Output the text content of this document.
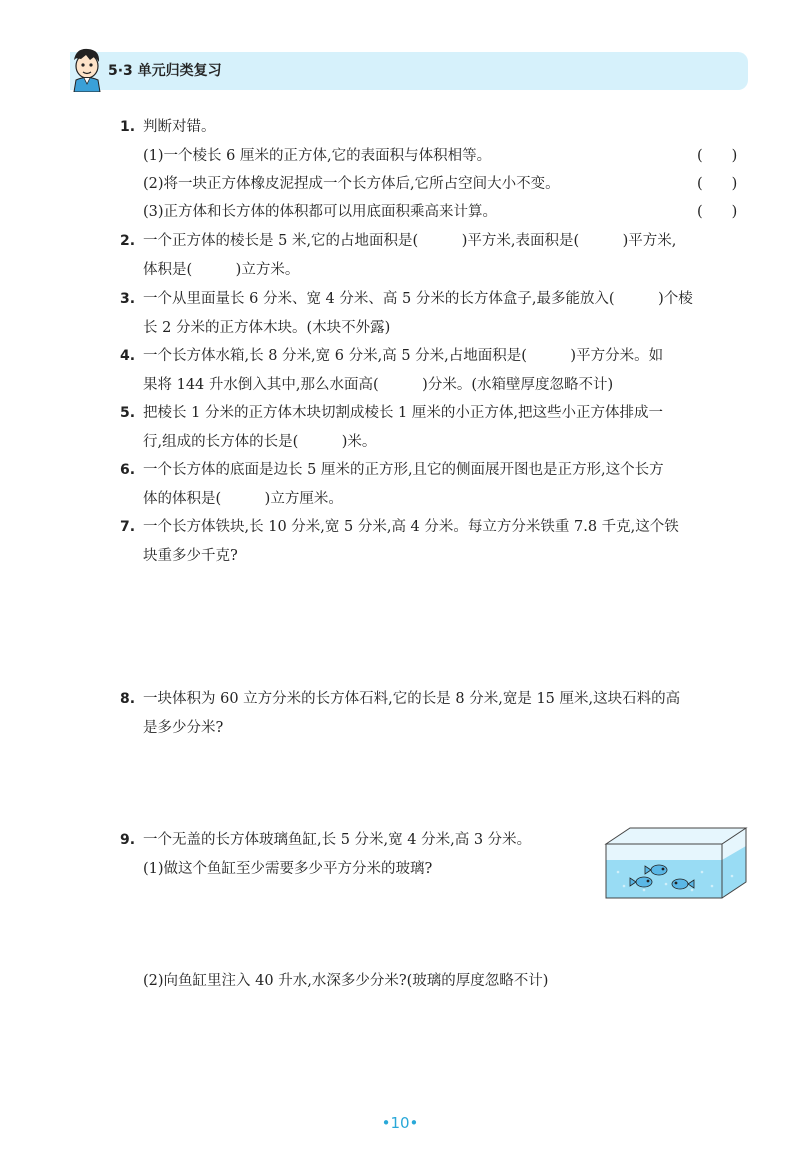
5·3 单元归类复习
1. 判断对错。
(1)一个棱长 6 厘米的正方体,它的表面积与体积相等。	(　　)
(2)将一块正方体橡皮泥捏成一个长方体后,它所占空间大小不变。	(　　)
(3)正方体和长方体的体积都可以用底面积乘高来计算。	(　　)
2. 一个正方体的棱长是 5 米,它的占地面积是(　　　)平方米,表面积是(　　　)平方米,
体积是(　　　)立方米。
3. 一个从里面量长 6 分米、宽 4 分米、高 5 分米的长方体盒子,最多能放入(　　　)个棱
长 2 分米的正方体木块。(木块不外露)
4. 一个长方体水箱,长 8 分米,宽 6 分米,高 5 分米,占地面积是(　　　)平方分米。如
果将 144 升水倒入其中,那么水面高(　　　)分米。(水箱壁厚度忽略不计)
5. 把棱长 1 分米的正方体木块切割成棱长 1 厘米的小正方体,把这些小正方体排成一
行,组成的长方体的长是(　　　)米。
6. 一个长方体的底面是边长 5 厘米的正方形,且它的侧面展开图也是正方形,这个长方
体的体积是(　　　)立方厘米。
7. 一个长方体铁块,长 10 分米,宽 5 分米,高 4 分米。每立方分米铁重 7.8 千克,这个铁
块重多少千克?
8. 一块体积为 60 立方分米的长方体石料,它的长是 8 分米,宽是 15 厘米,这块石料的高
是多少分米?
9. 一个无盖的长方体玻璃鱼缸,长 5 分米,宽 4 分米,高 3 分米。
(1)做这个鱼缸至少需要多少平方分米的玻璃?
(2)向鱼缸里注入 40 升水,水深多少分米?(玻璃的厚度忽略不计)
•10•
